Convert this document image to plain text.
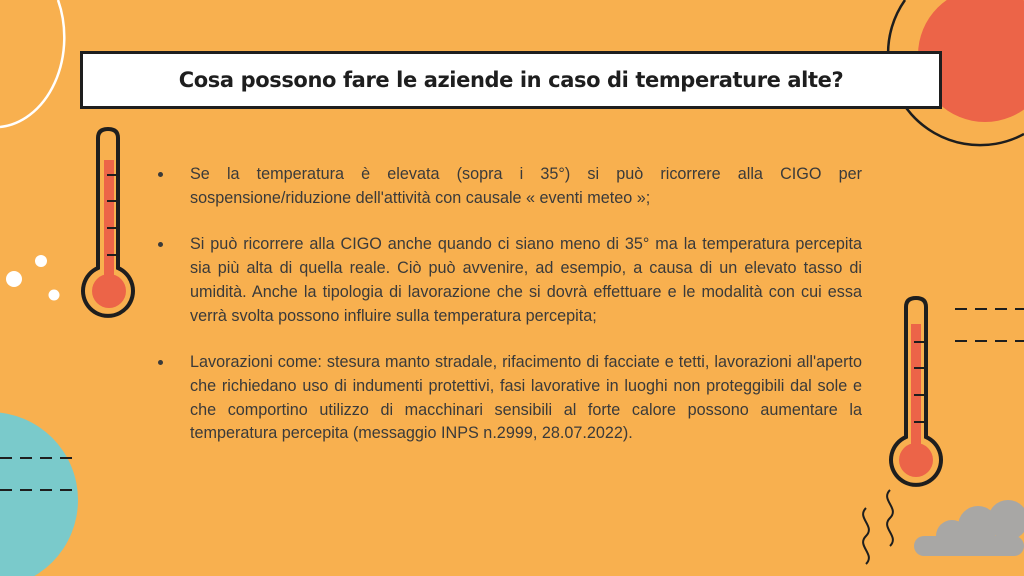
Cosa possono fare le aziende in caso di temperature alte?
Se la temperatura è elevata (sopra i 35°) si può ricorrere alla CIGO per sospensione/riduzione dell'attività con causale « eventi meteo »;
Si può ricorrere alla CIGO anche quando ci siano meno di 35° ma la temperatura percepita sia più alta di quella reale. Ciò può avvenire, ad esempio, a causa di un elevato tasso di umidità. Anche la tipologia di lavorazione che si dovrà effettuare e le modalità con cui essa verrà svolta possono influire sulla temperatura percepita;
Lavorazioni come: stesura manto stradale, rifacimento di facciate e tetti, lavorazioni all'aperto che richiedano uso di indumenti protettivi, fasi lavorative in luoghi non proteggibili dal sole e che comportino utilizzo di macchinari sensibili al forte calore possono aumentare la temperatura percepita (messaggio INPS n.2999, 28.07.2022).
